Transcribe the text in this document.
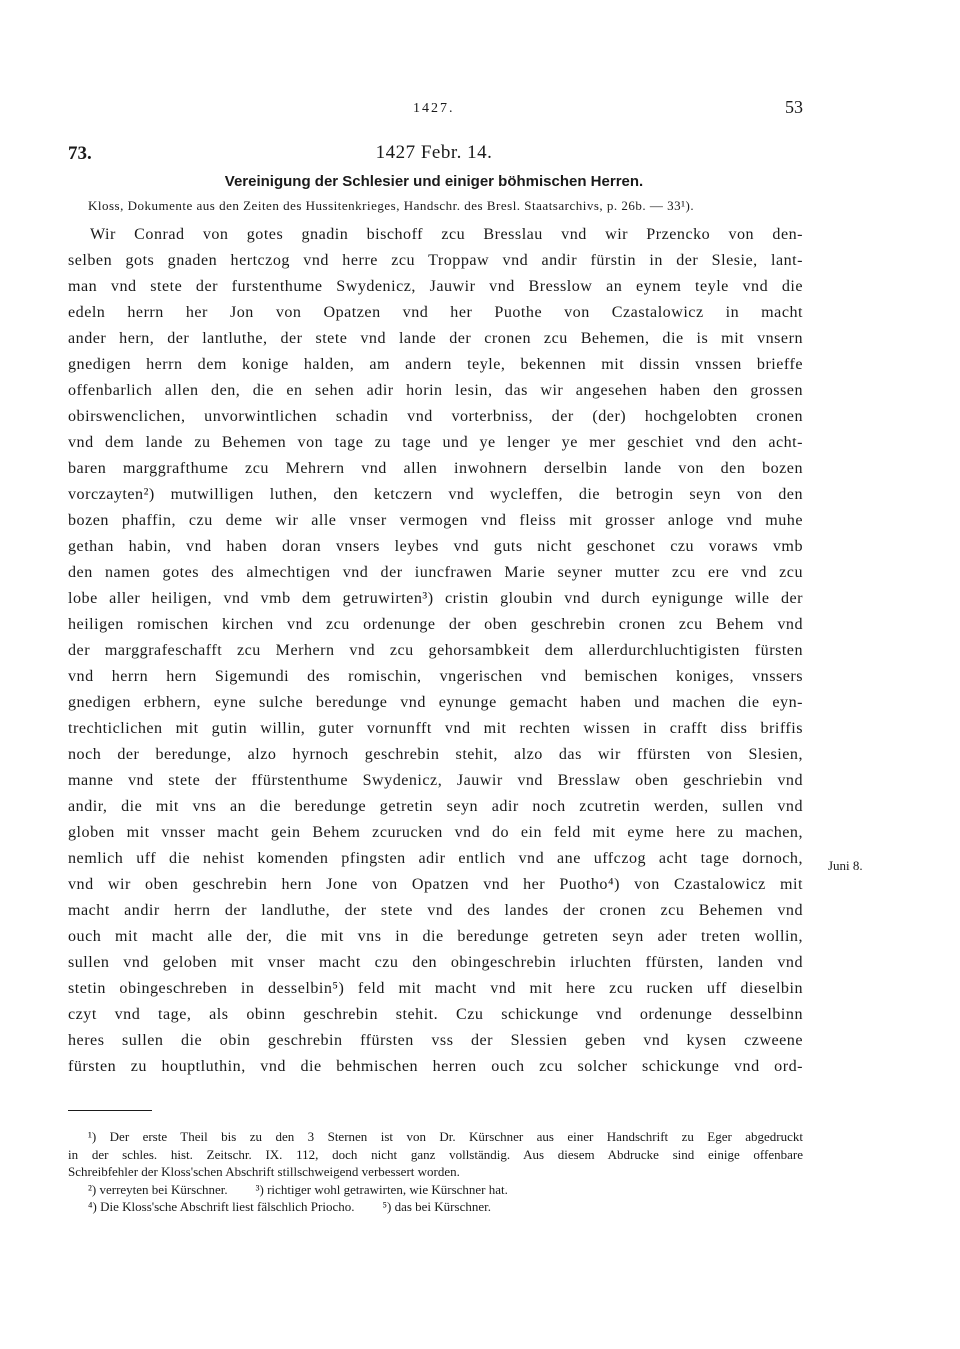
1427.	53
73.	1427 Febr. 14.
Vereinigung der Schlesier und einiger böhmischen Herren.
Kloss, Dokumente aus den Zeiten des Hussitenkrieges, Handschr. des Bresl. Staatsarchivs, p. 26b. — 33¹).
Wir Conrad von gotes gnadin bischoff zcu Bresslau vnd wir Przencko von den-
selben gots gnaden hertczog vnd herre zcu Troppaw vnd andir fürstin in der Slesie, lant-
man vnd stete der furstenthume Swydenicz, Jauwir vnd Bresslow an eynem teyle vnd die
edeln herrn her Jon von Opatzen vnd her Puothe von Czastalowicz in macht
ander hern, der lantluthe, der stete vnd lande der cronen zcu Behemen, die is mit vnsern
gnedigen herrn dem konige halden, am andern teyle, bekennen mit dissin vnssen brieffe
offenbarlich allen den, die en sehen adir horin lesin, das wir angesehen haben den grossen
obirswenclichen, unvorwintlichen schadin vnd vorterbniss, der (der) hochgelobten cronen
vnd dem lande zu Behemen von tage zu tage und ye lenger ye mer geschiet vnd den acht-
baren marggrafthume zcu Mehrern vnd allen inwohnern derselbin lande von den bozen
vorczayten²) mutwilligen luthen, den ketczern vnd wycleffen, die betrogin seyn von den
bozen phaffin, czu deme wir alle vnser vermogen vnd fleiss mit grosser anloge vnd muhe
gethan habin, vnd haben doran vnsers leybes vnd guts nicht geschonet czu voraws vmb
den namen gotes des almechtigen vnd der iuncfrawen Marie seyner mutter zcu ere vnd zcu
lobe aller heiligen, vnd vmb dem getruwirten³) cristin gloubin vnd durch eynigunge wille der
heiligen romischen kirchen vnd zcu ordenunge der oben geschrebin cronen zcu Behem vnd
der marggrafeschafft zcu Merhern vnd zcu gehorsambkeit dem allerdurchluchtigisten fürsten
vnd herrn hern Sigemundi des romischin, vngerischen vnd bemischen koniges, vnssers
gnedigen erbhern, eyne sulche beredunge vnd eynunge gemacht haben und machen die eyn-
trechticlichen mit gutin willin, guter vornunfft vnd mit rechten wissen in crafft diss briffis
noch der beredunge, alzo hyrnoch geschrebin stehit, alzo das wir ffürsten von Slesien,
manne vnd stete der ffürstenthume Swydenicz, Jauwir vnd Bresslaw oben geschriebin vnd
andir, die mit vns an die beredunge getretin seyn adir noch zcutretin werden, sullen vnd
globen mit vnsser macht gein Behem zcurucken vnd do ein feld mit eyme here zu machen,
nemlich uff die nehist komenden pfingsten adir entlich vnd ane uffczog acht tage dornoch,
vnd wir oben geschrebin hern Jone von Opatzen vnd her Puotho⁴) von Czastalowicz mit
macht andir herrn der landluthe, der stete vnd des landes der cronen zcu Behemen vnd
ouch mit macht alle der, die mit vns in die beredunge getreten seyn ader treten wollin,
sullen vnd geloben mit vnser macht czu den obingeschrebin irluchten ffürsten, landen vnd
stetin obingeschreben in desselbin⁵) feld mit macht vnd mit here zcu rucken uff dieselbin
czyt vnd tage, als obinn geschrebin stehit. Czu schickunge vnd ordenunge desselbinn
heres sullen die obin geschrebin ffürsten vss der Slessien geben vnd kysen czweene
fürsten zu houptluthin, vnd die behmischen herren ouch zcu solcher schickunge vnd ord-
Juni 8.
¹) Der erste Theil bis zu den 3 Sternen ist von Dr. Kürschner aus einer Handschrift zu Eger abgedruckt
in der schles. hist. Zeitschr. IX. 112, doch nicht ganz vollständig. Aus diesem Abdrucke sind einige offenbare
Schreibfehler der Kloss'schen Abschrift stillschweigend verbessert worden.
²) verreyten bei Kürschner. ³) richtiger wohl getrawirten, wie Kürschner hat.
⁴) Die Kloss'sche Abschrift liest fälschlich Priocho. ⁵) das bei Kürschner.
